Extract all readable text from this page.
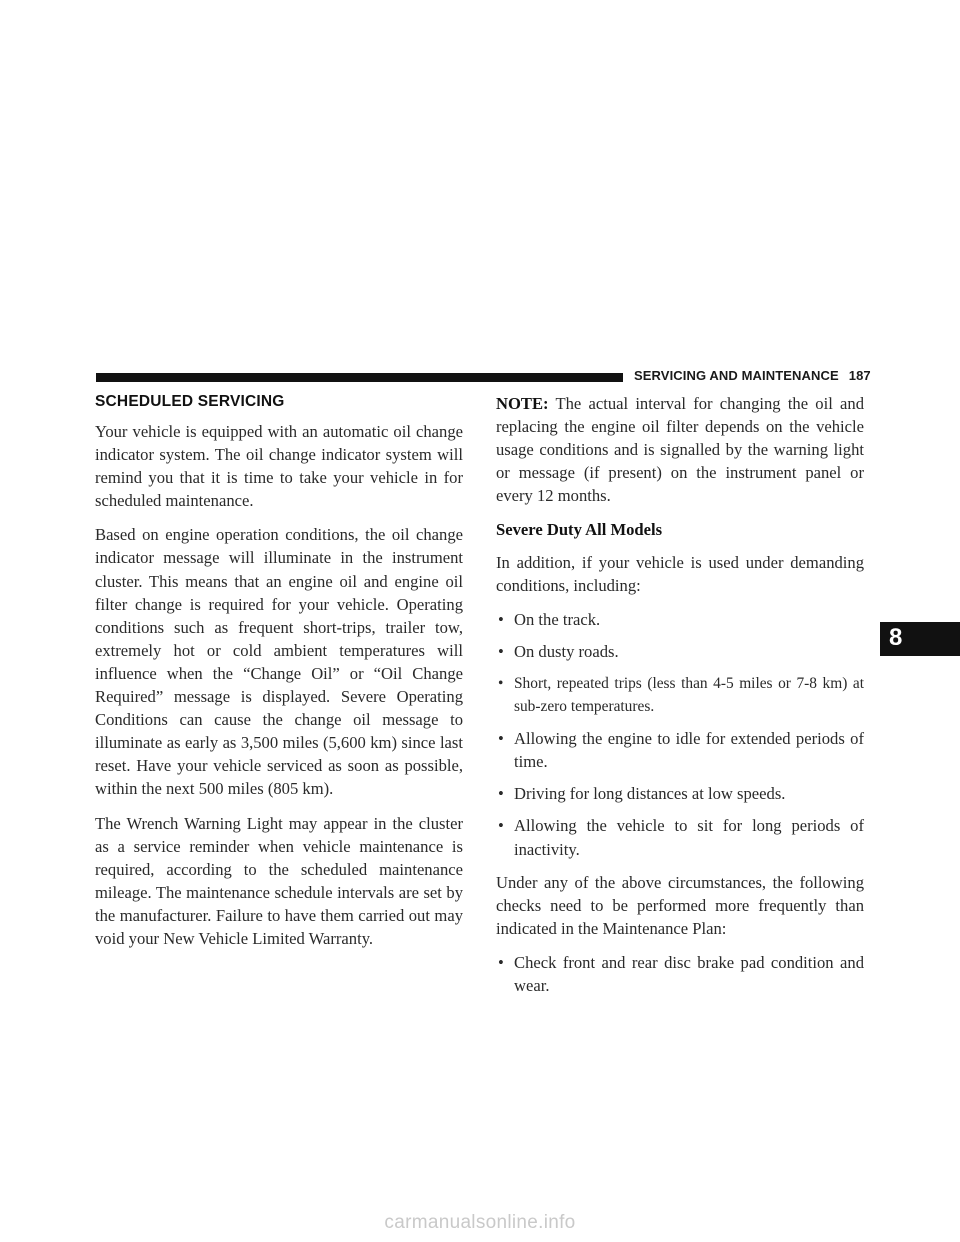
SERVICING AND MAINTENANCE 187
SCHEDULED SERVICING

Your vehicle is equipped with an automatic oil change indicator system. The oil change indicator system will remind you that it is time to take your vehicle in for scheduled maintenance.

Based on engine operation conditions, the oil change indicator message will illuminate in the instrument cluster. This means that an engine oil and engine oil filter change is required for your vehicle. Operating conditions such as frequent short-trips, trailer tow, extremely hot or cold ambient temperatures will influence when the “Change Oil” or “Oil Change Required” message is displayed. Severe Operating Conditions can cause the change oil message to illuminate as early as 3,500 miles (5,600 km) since last reset. Have your vehicle serviced as soon as possible, within the next 500 miles (805 km).

The Wrench Warning Light may appear in the cluster as a service reminder when vehicle maintenance is required, according to the scheduled maintenance mileage. The maintenance schedule intervals are set by the manufacturer. Failure to have them carried out may void your New Vehicle Limited Warranty.

NOTE: The actual interval for changing the oil and replacing the engine oil filter depends on the vehicle usage conditions and is signalled by the warning light or message (if present) on the instrument panel or every 12 months.

Severe Duty All Models

In addition, if your vehicle is used under demanding conditions, including:

• On the track.
• On dusty roads.
• Short, repeated trips (less than 4-5 miles or 7-8 km) at sub-zero temperatures.
• Allowing the engine to idle for extended periods of time.
• Driving for long distances at low speeds.
• Allowing the vehicle to sit for long periods of inactivity.

Under any of the above circumstances, the following checks need to be performed more frequently than indicated in the Maintenance Plan:

• Check front and rear disc brake pad condition and wear.
8
carmanualsonline.info
